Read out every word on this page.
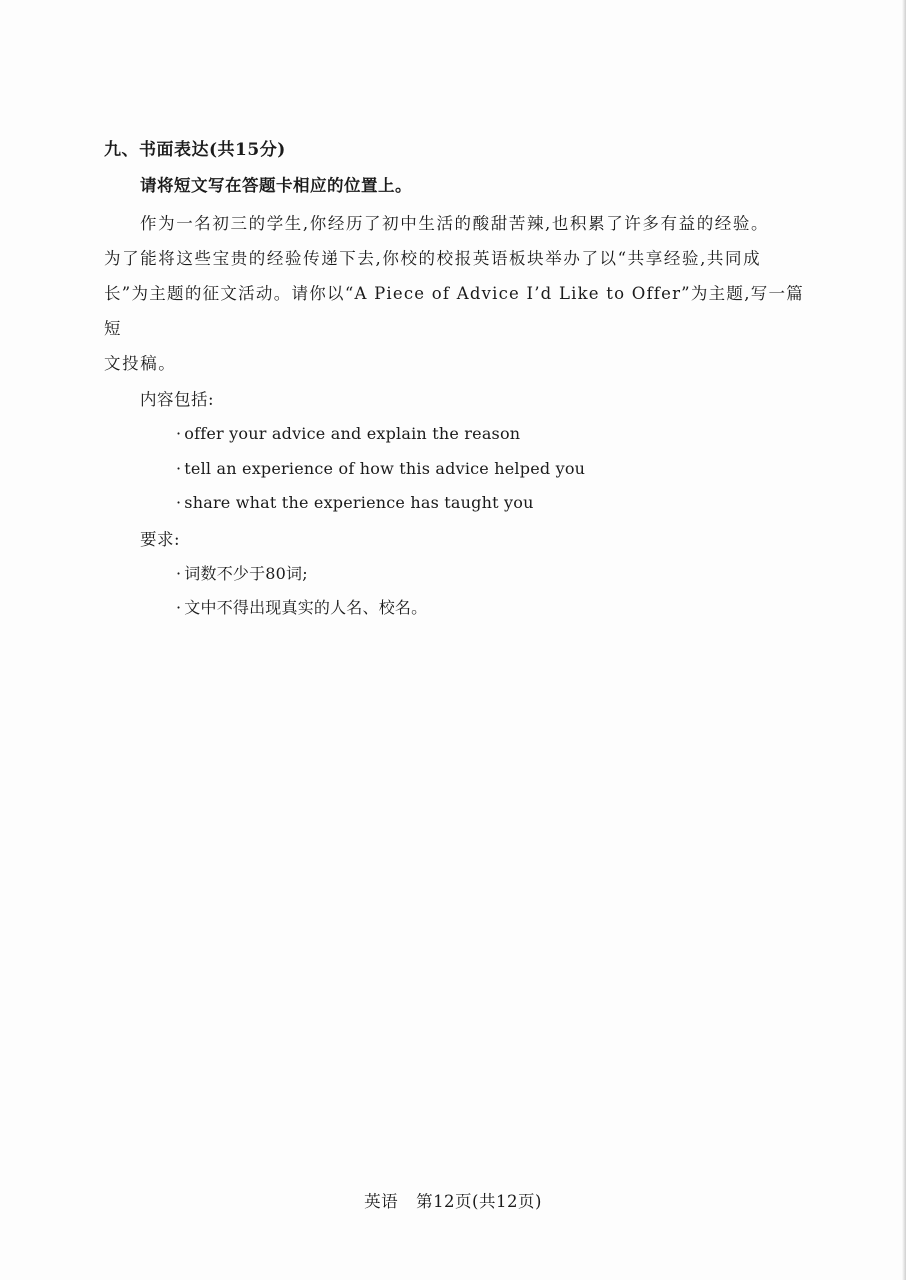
九、书面表达(共15分)
请将短文写在答题卡相应的位置上。

作为一名初三的学生,你经历了初中生活的酸甜苦辣,也积累了许多有益的经验。

为了能将这些宝贵的经验传递下去,你校的校报英语板块举办了以“共享经验,共同成

长”为主题的征文活动。请你以“A Piece of Advice I’d Like to Offer”为主题,写一篇短

文投稿。

内容包括:
· offer your advice and explain the reason
· tell an experience of how this advice helped you
· share what the experience has taught you
要求:
· 词数不少于80词;
· 文中不得出现真实的人名、校名。
英语 第12页(共12页)
